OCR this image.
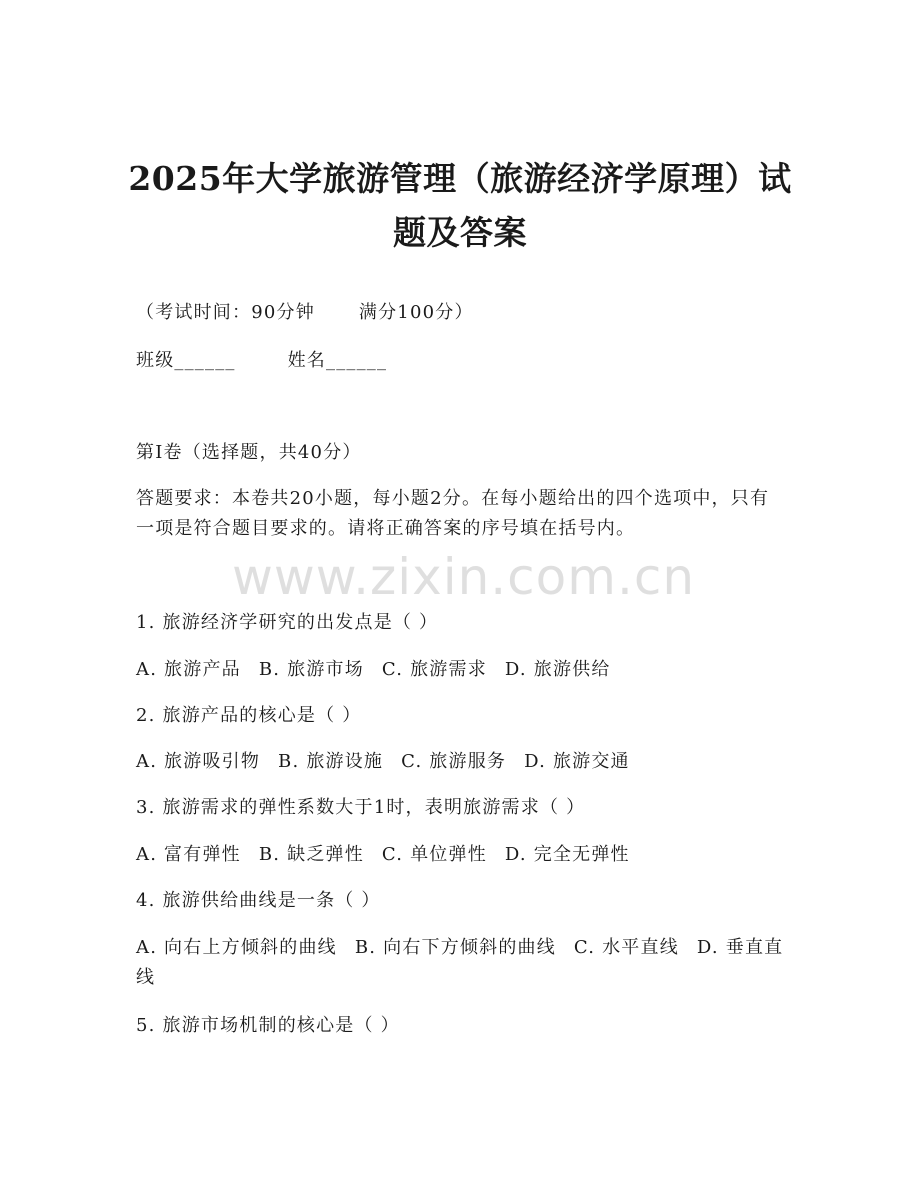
www.zixin.com.cn
2025年大学旅游管理（旅游经济学原理）试题及答案
（考试时间：90分钟 满分100分）
班级______	姓名______
第I卷（选择题，共40分）
答题要求：本卷共20小题，每小题2分。在每小题给出的四个选项中，只有一项是符合题目要求的。请将正确答案的序号填在括号内。
1. 旅游经济学研究的出发点是（ ）
A. 旅游产品 B. 旅游市场 C. 旅游需求 D. 旅游供给
2. 旅游产品的核心是（ ）
A. 旅游吸引物 B. 旅游设施 C. 旅游服务 D. 旅游交通
3. 旅游需求的弹性系数大于1时，表明旅游需求（ ）
A. 富有弹性 B. 缺乏弹性 C. 单位弹性 D. 完全无弹性
4. 旅游供给曲线是一条（ ）
A. 向右上方倾斜的曲线 B. 向右下方倾斜的曲线 C. 水平直线 D. 垂直直线
5. 旅游市场机制的核心是（ ）
